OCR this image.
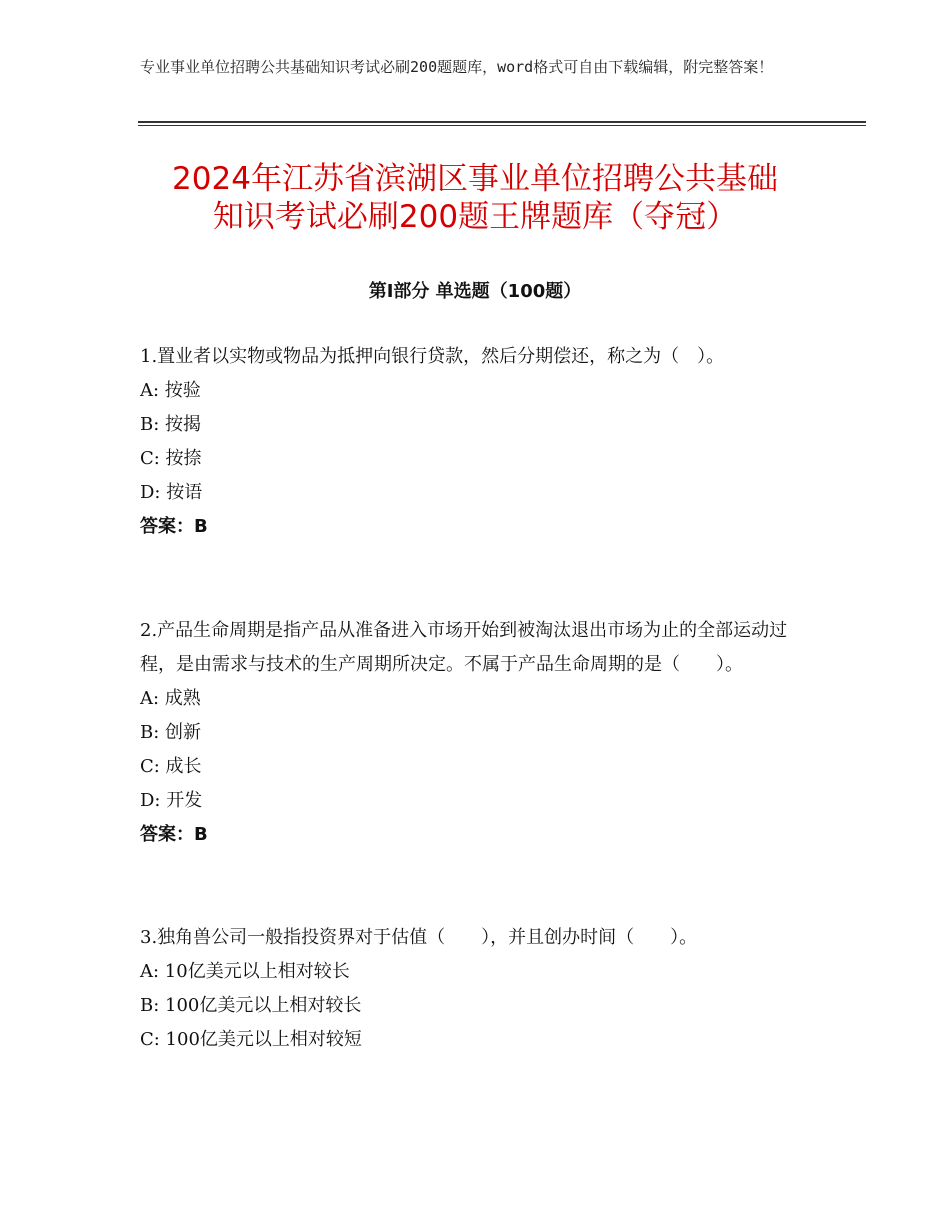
专业事业单位招聘公共基础知识考试必刷200题题库，word格式可自由下载编辑，附完整答案！
2024年江苏省滨湖区事业单位招聘公共基础
知识考试必刷200题王牌题库（夺冠）
第Ⅰ部分 单选题（100题）

1.置业者以实物或物品为抵押向银行贷款，然后分期偿还，称之为（　）。

A: 按验

B: 按揭

C: 按捺

D: 按语

答案：B

2.产品生命周期是指产品从准备进入市场开始到被淘汰退出市场为止的全部运动过程，是由需求与技术的生产周期所决定。不属于产品生命周期的是（　　）。

A: 成熟

B: 创新

C: 成长

D: 开发

答案：B

3.独角兽公司一般指投资界对于估值（　　），并且创办时间（　　）。

A: 10亿美元以上相对较长

B: 100亿美元以上相对较长

C: 100亿美元以上相对较短
